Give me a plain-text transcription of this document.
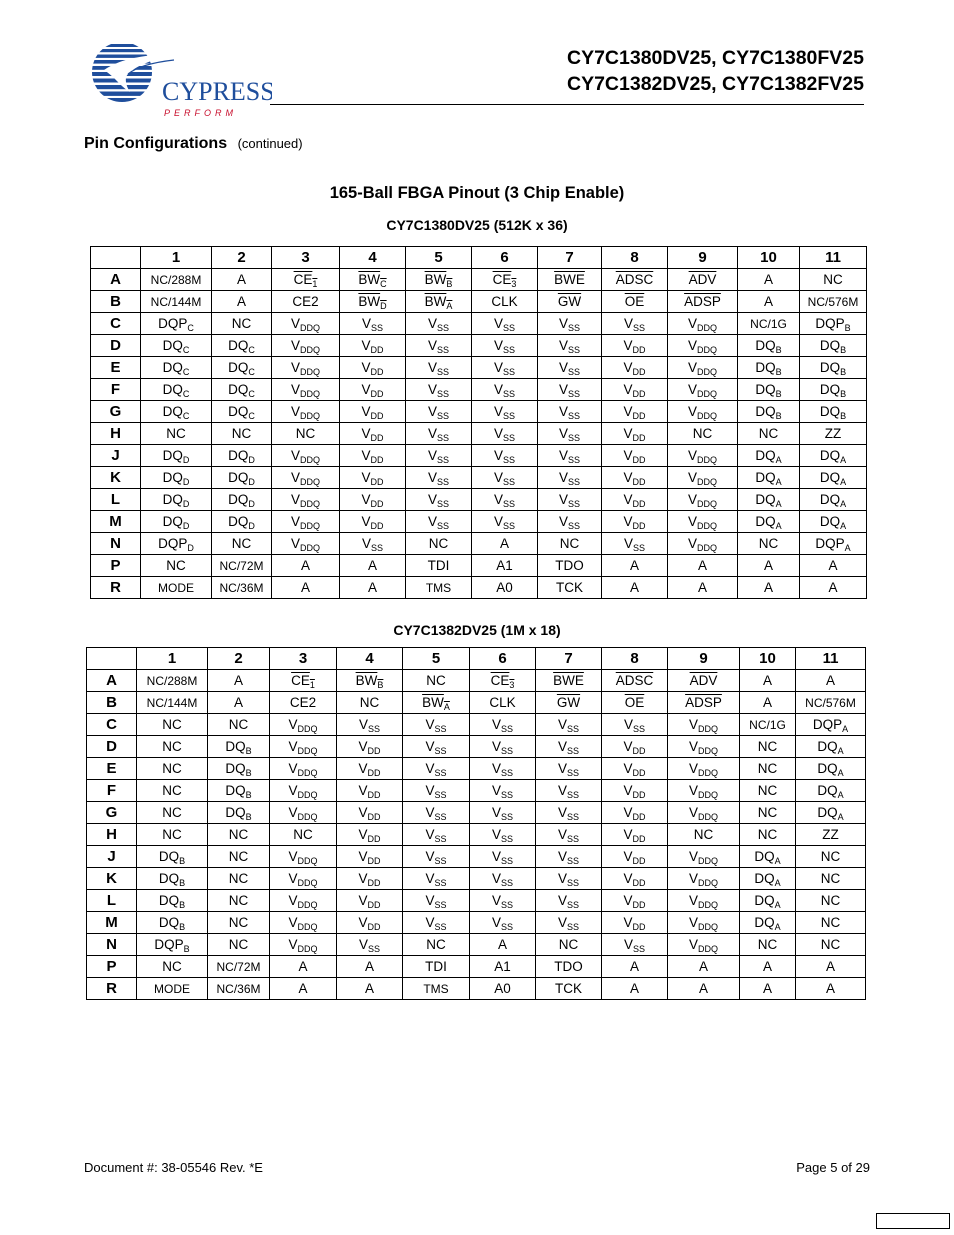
CYPRESS
PERFORM
CY7C1380DV25, CY7C1380FV25
CY7C1382DV25, CY7C1382FV25
Pin Configurations (continued)
165-Ball FBGA Pinout (3 Chip Enable)
CY7C1380DV25 (512K x 36)
	1	2	3	4	5	6	7	8	9	10	11
A	NC/288M	A	$CE_1$	$BW_C$	$BW_B$	$CE_3$	$\overline{BWE}$	ADSC	$\overline{ADV}$	A	NC
B	NC/144M	A	CE2	$BW_D$	$BW_A$	CLK	$\overline{GW}$	$\overline{OE}$	ADSP	A	NC/576M
C	$DQP_C$	NC	$V_{DDQ}$	$V_{SS}$	$V_{SS}$	$V_{SS}$	$V_{SS}$	$V_{SS}$	$V_{DDQ}$	NC/1G	$DQP_B$
D	$DQ_C$	$DQ_C$	$V_{DDQ}$	$V_{DD}$	$V_{SS}$	$V_{SS}$	$V_{SS}$	$V_{DD}$	$V_{DDQ}$	$DQ_B$	$DQ_B$
E	$DQ_C$	$DQ_C$	$V_{DDQ}$	$V_{DD}$	$V_{SS}$	$V_{SS}$	$V_{SS}$	$V_{DD}$	$V_{DDQ}$	$DQ_B$	$DQ_B$
F	$DQ_C$	$DQ_C$	$V_{DDQ}$	$V_{DD}$	$V_{SS}$	$V_{SS}$	$V_{SS}$	$V_{DD}$	$V_{DDQ}$	$DQ_B$	$DQ_B$
G	$DQ_C$	$DQ_C$	$V_{DDQ}$	$V_{DD}$	$V_{SS}$	$V_{SS}$	$V_{SS}$	$V_{DD}$	$V_{DDQ}$	$DQ_B$	$DQ_B$
H	NC	NC	NC	$V_{DD}$	$V_{SS}$	$V_{SS}$	$V_{SS}$	$V_{DD}$	NC	NC	ZZ
J	$DQ_D$	$DQ_D$	$V_{DDQ}$	$V_{DD}$	$V_{SS}$	$V_{SS}$	$V_{SS}$	$V_{DD}$	$V_{DDQ}$	$DQ_A$	$DQ_A$
K	$DQ_D$	$DQ_D$	$V_{DDQ}$	$V_{DD}$	$V_{SS}$	$V_{SS}$	$V_{SS}$	$V_{DD}$	$V_{DDQ}$	$DQ_A$	$DQ_A$
L	$DQ_D$	$DQ_D$	$V_{DDQ}$	$V_{DD}$	$V_{SS}$	$V_{SS}$	$V_{SS}$	$V_{DD}$	$V_{DDQ}$	$DQ_A$	$DQ_A$
M	$DQ_D$	$DQ_D$	$V_{DDQ}$	$V_{DD}$	$V_{SS}$	$V_{SS}$	$V_{SS}$	$V_{DD}$	$V_{DDQ}$	$DQ_A$	$DQ_A$
N	$DQP_D$	NC	$V_{DDQ}$	$V_{SS}$	NC	A	NC	$V_{SS}$	$V_{DDQ}$	NC	$DQP_A$
P	NC	NC/72M	A	A	TDI	A1	TDO	A	A	A	A
R	MODE	NC/36M	A	A	TMS	A0	TCK	A	A	A	A
CY7C1382DV25 (1M x 18)
	1	2	3	4	5	6	7	8	9	10	11
A	NC/288M	A	$CE_1$	$BW_B$	NC	$CE_3$	$\overline{BWE}$	ADSC	$\overline{ADV}$	A	A
B	NC/144M	A	CE2	NC	$BW_A$	CLK	$\overline{GW}$	$\overline{OE}$	ADSP	A	NC/576M
C	NC	NC	$V_{DDQ}$	$V_{SS}$	$V_{SS}$	$V_{SS}$	$V_{SS}$	$V_{SS}$	$V_{DDQ}$	NC/1G	$DQP_A$
D	NC	$DQ_B$	$V_{DDQ}$	$V_{DD}$	$V_{SS}$	$V_{SS}$	$V_{SS}$	$V_{DD}$	$V_{DDQ}$	NC	$DQ_A$
E	NC	$DQ_B$	$V_{DDQ}$	$V_{DD}$	$V_{SS}$	$V_{SS}$	$V_{SS}$	$V_{DD}$	$V_{DDQ}$	NC	$DQ_A$
F	NC	$DQ_B$	$V_{DDQ}$	$V_{DD}$	$V_{SS}$	$V_{SS}$	$V_{SS}$	$V_{DD}$	$V_{DDQ}$	NC	$DQ_A$
G	NC	$DQ_B$	$V_{DDQ}$	$V_{DD}$	$V_{SS}$	$V_{SS}$	$V_{SS}$	$V_{DD}$	$V_{DDQ}$	NC	$DQ_A$
H	NC	NC	NC	$V_{DD}$	$V_{SS}$	$V_{SS}$	$V_{SS}$	$V_{DD}$	NC	NC	ZZ
J	$DQ_B$	NC	$V_{DDQ}$	$V_{DD}$	$V_{SS}$	$V_{SS}$	$V_{SS}$	$V_{DD}$	$V_{DDQ}$	$DQ_A$	NC
K	$DQ_B$	NC	$V_{DDQ}$	$V_{DD}$	$V_{SS}$	$V_{SS}$	$V_{SS}$	$V_{DD}$	$V_{DDQ}$	$DQ_A$	NC
L	$DQ_B$	NC	$V_{DDQ}$	$V_{DD}$	$V_{SS}$	$V_{SS}$	$V_{SS}$	$V_{DD}$	$V_{DDQ}$	$DQ_A$	NC
M	$DQ_B$	NC	$V_{DDQ}$	$V_{DD}$	$V_{SS}$	$V_{SS}$	$V_{SS}$	$V_{DD}$	$V_{DDQ}$	$DQ_A$	NC
N	$DQP_B$	NC	$V_{DDQ}$	$V_{SS}$	NC	A	NC	$V_{SS}$	$V_{DDQ}$	NC	NC
P	NC	NC/72M	A	A	TDI	A1	TDO	A	A	A	A
R	MODE	NC/36M	A	A	TMS	A0	TCK	A	A	A	A
Document #: 38-05546 Rev. *E	Page 5 of 29
